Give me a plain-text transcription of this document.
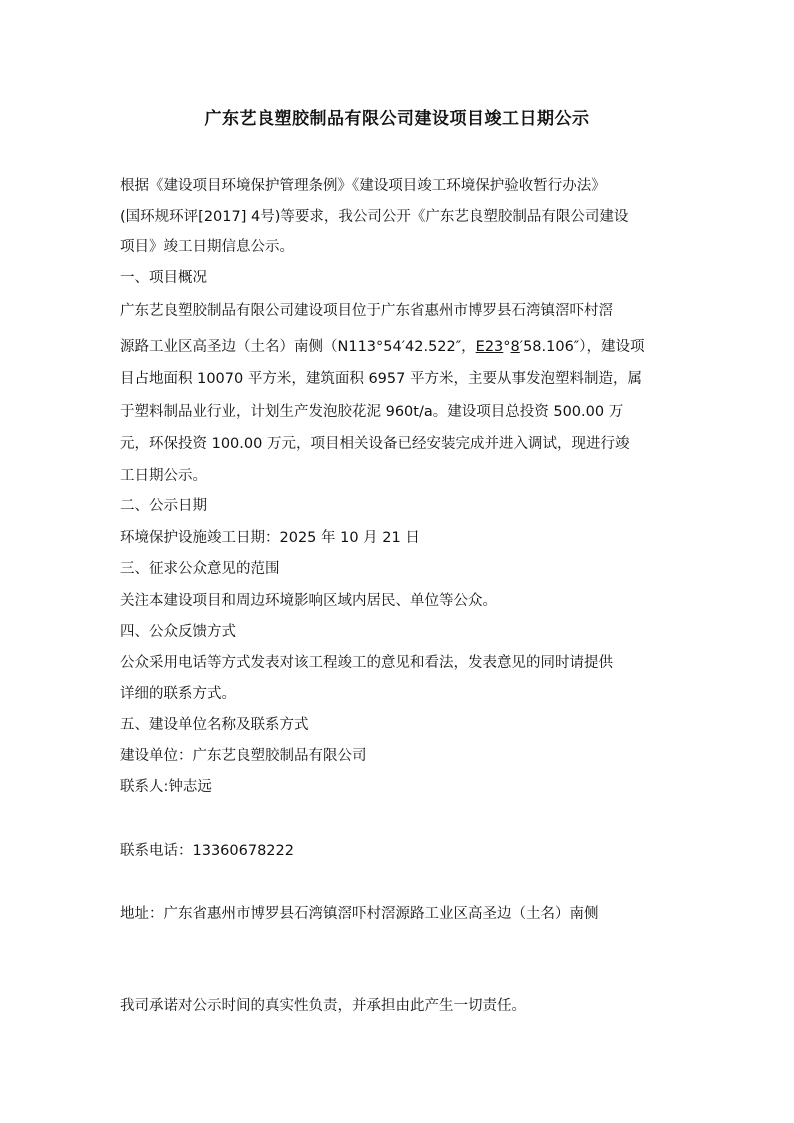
广东艺良塑胶制品有限公司建设项目竣工日期公示
根据《建设项目环境保护管理条例》《建设项目竣工环境保护验收暂行办法》
(国环规环评[2017] 4号)等要求，我公司公开《广东艺良塑胶制品有限公司建设
项目》竣工日期信息公示。
一、项目概况
广东艺良塑胶制品有限公司建设项目位于广东省惠州市博罗县石湾镇滘吓村滘
源路工业区高圣边（土名）南侧（N113°54′42.522″，E23°8′58.106″），建设项
目占地面积 10070 平方米，建筑面积 6957 平方米，主要从事发泡塑料制造，属
于塑料制品业行业，计划生产发泡胶花泥 960t/a。建设项目总投资 500.00 万
元，环保投资 100.00 万元，项目相关设备已经安装完成并进入调试，现进行竣
工日期公示。
二、公示日期
环境保护设施竣工日期：2025 年 10 月 21 日
三、征求公众意见的范围
关注本建设项目和周边环境影响区域内居民、单位等公众。
四、公众反馈方式
公众采用电话等方式发表对该工程竣工的意见和看法，发表意见的同时请提供
详细的联系方式。
五、建设单位名称及联系方式
建设单位：广东艺良塑胶制品有限公司
联系人:钟志远
联系电话：13360678222
地址：广东省惠州市博罗县石湾镇滘吓村滘源路工业区高圣边（土名）南侧
我司承诺对公示时间的真实性负责，并承担由此产生一切责任。
